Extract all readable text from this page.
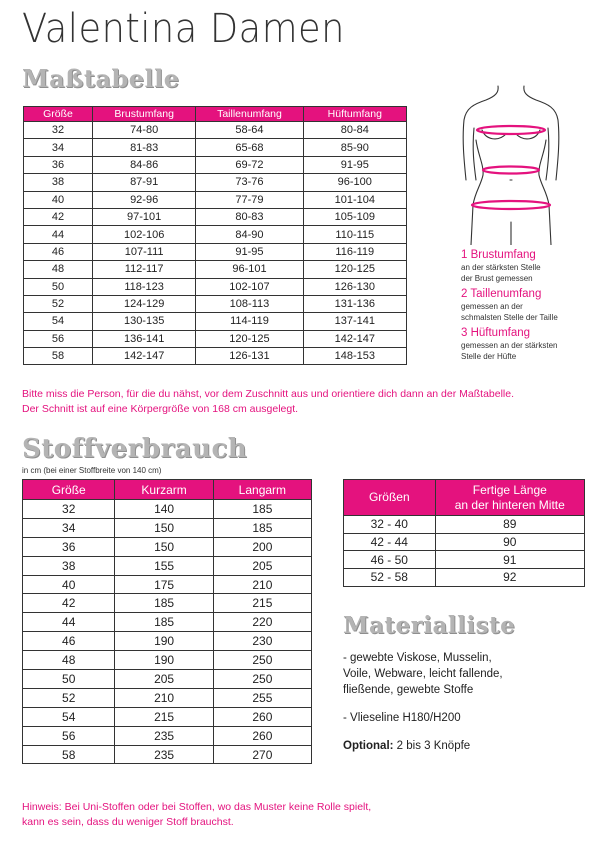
Valentina Damen
Maßtabelle
Größe	Brustumfang	Taillenumfang	Hüftumfang
32	74-80	58-64	80-84
34	81-83	65-68	85-90
36	84-86	69-72	91-95
38	87-91	73-76	96-100
40	92-96	77-79	101-104
42	97-101	80-83	105-109
44	102-106	84-90	110-115
46	107-111	91-95	116-119
48	112-117	96-101	120-125
50	118-123	102-107	126-130
52	124-129	108-113	131-136
54	130-135	114-119	137-141
56	136-141	120-125	142-147
58	142-147	126-131	148-153
1 Brustumfang
an der stärksten Stelle
der Brust gemessen
2 Taillenumfang
gemessen an der
schmalsten Stelle der Taille
3 Hüftumfang
gemessen an der stärksten
Stelle der Hüfte
Bitte miss die Person, für die du nähst, vor dem Zuschnitt aus und orientiere dich dann an der Maßtabelle.
Der Schnitt ist auf eine Körpergröße von 168 cm ausgelegt.
Stoffverbrauch
in cm (bei einer Stoffbreite von 140 cm)
Größe	Kurzarm	Langarm
32	140	185
34	150	185
36	150	200
38	155	205
40	175	210
42	185	215
44	185	220
46	190	230
48	190	250
50	205	250
52	210	255
54	215	260
56	235	260
58	235	270
Größen	Fertige Länge
an der hinteren Mitte

32 - 40	89
42 - 44	90
46 - 50	91
52 - 58	92
Materialliste

- gewebte Viskose, Musselin,
Voile, Webware, leicht fallende,
fließende, gewebte Stoffe

- Vlieseline H180/H200

Optional: 2 bis 3 Knöpfe

Hinweis: Bei Uni-Stoffen oder bei Stoffen, wo das Muster keine Rolle spielt,
kann es sein, dass du weniger Stoff brauchst.
